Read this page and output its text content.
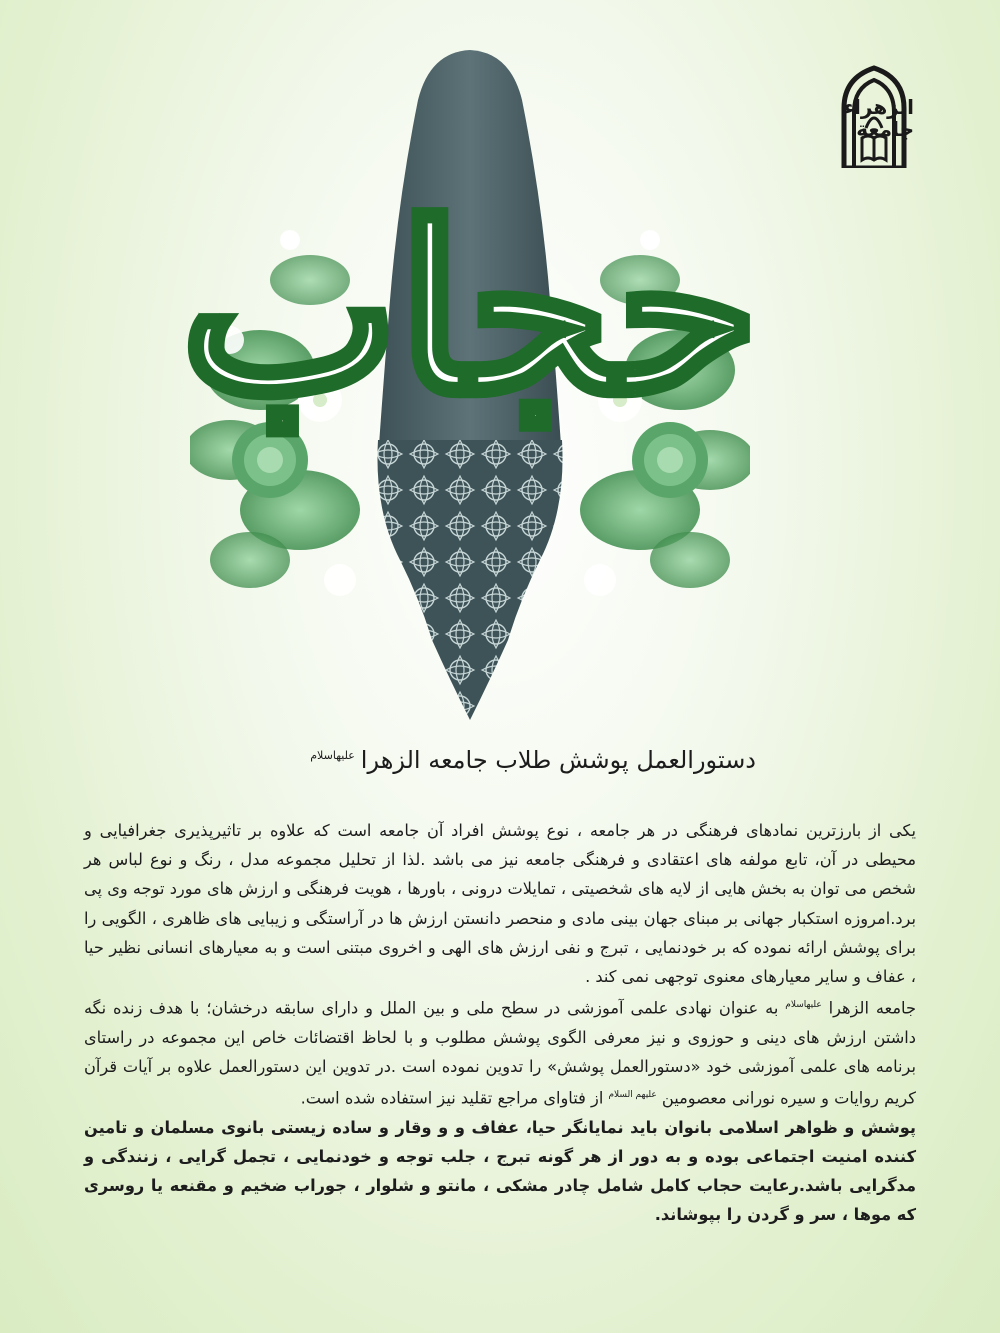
الزهراء
جامعة
حجاب
دستورالعمل پوشش طلاب جامعه الزهرا$^{علیهاسلام}$

یکی از بارزترین نمادهای فرهنگی در هر جامعه ، نوع پوشش افراد آن جامعه است که علاوه بر تاثیرپذیری جغرافیایی و محیطی در آن، تابع مولفه های اعتقادی و فرهنگی جامعه نیز می باشد .لذا از تحلیل مجموعه مدل ، رنگ و نوع لباس هر شخص می توان به بخش هایی از لایه های شخصیتی ، تمایلات درونی ، باورها ، هویت فرهنگی و ارزش های مورد توجه وی پی برد.امروزه استکبار جهانی بر مبنای جهان بینی مادی و منحصر دانستن ارزش ها در آراستگی و زیبایی های ظاهری ، الگویی را برای پوشش ارائه نموده که بر خودنمایی ، تبرج و نفی ارزش های الهی و اخروی مبتنی است و به معیارهای انسانی نظیر حیا ، عفاف و سایر معیارهای معنوی توجهی نمی کند .

جامعه الزهرا $^{علیهاسلام}$ به عنوان نهادی علمی آموزشی در سطح ملی و بین الملل و دارای سابقه درخشان؛ با هدف زنده نگه داشتن ارزش های دینی و حوزوی و نیز معرفی الگوی پوشش مطلوب و با لحاظ اقتضائات خاص این مجموعه در راستای برنامه های علمی آموزشی خود «دستورالعمل پوشش» را تدوین نموده است .در تدوین این دستورالعمل علاوه بر آیات قرآن کریم روایات و سیره نورانی معصومین $^{علیهم السلام}$ از فتاوای مراجع تقلید نیز استفاده شده است.

پوشش و ظواهر اسلامی بانوان باید نمایانگر حیا، عفاف و و وقار و ساده زیستی بانوی مسلمان و تامین کننده امنیت اجتماعی بوده و به دور از هر گونه تبرج ، جلب توجه و خودنمایی ، تجمل گرایی ، زنندگی و مدگرایی باشد.رعایت حجاب کامل شامل چادر مشکی ، مانتو و شلوار ، جوراب ضخیم و مقنعه یا روسری که موها ، سر و گردن را بپوشاند.
